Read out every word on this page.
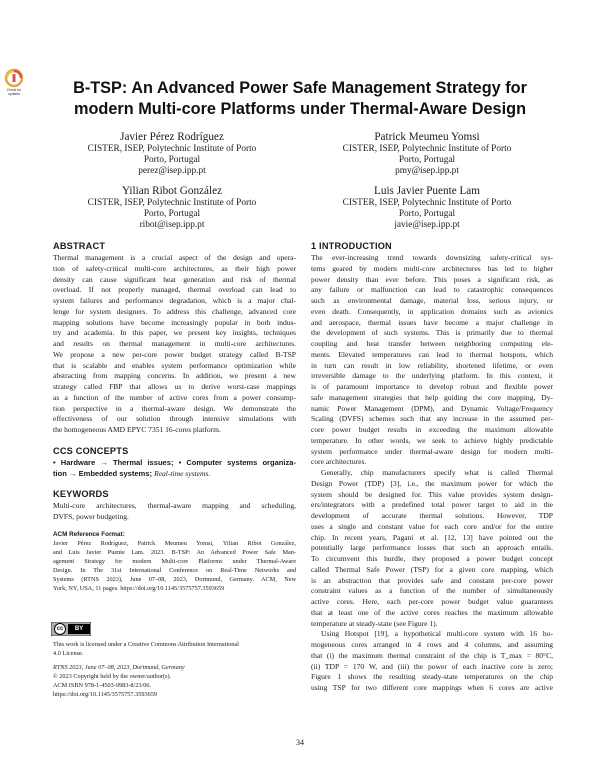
Check for
updates	B-TSP: An Advanced Power Safe Management Strategy for
modern Multi-core Platforms under Thermal-Aware Design
Javier Pérez Rodríguez
CISTER, ISEP, Polytechnic Institute of Porto
Porto, Portugal
perez@isep.ipp.pt
Patrick Meumeu Yomsi
CISTER, ISEP, Polytechnic Institute of Porto
Porto, Portugal
pmy@isep.ipp.pt
Yilian Ribot González
CISTER, ISEP, Polytechnic Institute of Porto
Porto, Portugal
ribot@isep.ipp.pt
Luis Javier Puente Lam
CISTER, ISEP, Polytechnic Institute of Porto
Porto, Portugal
javie@isep.ipp.pt
ABSTRACT
Thermal management is a crucial aspect of the design and opera-
tion of safety-critical multi-core architectures, as their high power
density can cause significant heat generation and risk of thermal
overload. If not properly managed, thermal overload can lead to
system failures and performance degradation, which is a major chal-
lenge for system designers. To address this challenge, advanced core
mapping solutions have become increasingly popular in both indus-
try and academia. In this paper, we present key insights, techniques
and results on thermal management in multi-core architectures.
We propose a new per-core power budget strategy called B-TSP
that is scalable and enables system performance optimization while
abstracting from mapping concerns. In addition, we present a new
strategy called FBP that allows us to derive worst-case mappings
as a function of the number of active cores from a power consump-
tion perspective in a thermal-aware design. We demonstrate the
effectiveness of our solution through intensive simulations with
the homogeneous AMD EPYC 7351 16-cores platform.
CCS CONCEPTS
• Hardware → Thermal issues; • Computer systems organiza-
tion → Embedded systems; Real-time systems.
KEYWORDS
Multi-core architectures, thermal-aware mapping and scheduling,
DVFS, power budgeting.
ACM Reference Format:
Javier Pérez Rodríguez, Patrick Meumeu Yomsi, Yilian Ribot González,
and Luis Javier Puente Lam. 2023. B-TSP: An Advanced Power Safe Man-
agement Strategy for modern Multi-core Platforms under Thermal-Aware
Design. In The 31st International Conference on Real-Time Networks and
Systems (RTNS 2023), June 07–08, 2023, Dortmund, Germany. ACM, New
York, NY, USA, 11 pages. https://doi.org/10.1145/3575757.3593659
cc	BY
This work is licensed under a Creative Commons Attribution International
4.0 License.
RTNS 2023, June 07–08, 2023, Dortmund, Germany
© 2023 Copyright held by the owner/author(s).
ACM ISBN 978-1-4503-9983-8/23/06.
https://doi.org/10.1145/3575757.3593659
1 INTRODUCTION
The ever-increasing trend towards downsizing safety-critical sys-
tems geared by modern multi-core architectures has led to higher
power density than ever before. This poses a significant risk, as
any failure or malfunction can lead to catastrophic consequences
such as environmental damage, material loss, serious injury, or
even death. Consequently, in application domains such as avionics
and aerospace, thermal issues have become a major challenge in
the development of such systems. This is primarily due to thermal
coupling and heat transfer between neighboring computing ele-
ments. Elevated temperatures can lead to thermal hotspots, which
in turn can result in low reliability, shortened lifetime, or even
irreversible damage to the underlying platform. In this context, it
is of paramount importance to develop robust and flexible power
safe management strategies that help guiding the core mapping, Dy-
namic Power Management (DPM), and Dynamic Voltage/Frequency
Scaling (DVFS) schemes such that any increase in the assumed per-
core power budget results in exceeding the maximum allowable
temperature. In other words, we seek to achieve highly predictable
system performance under thermal-aware design for modern multi-
core architectures.
Generally, chip manufacturers specify what is called Thermal
Design Power (TDP) [3], i.e., the maximum power for which the
system should be designed for. This value provides system design-
ers/integrators with a predefined total power target to aid in the
development of accurate thermal solutions. However, TDP
uses a single and constant value for each core and/or for the entire
chip. In recent years, Pagani et al. [12, 13] have pointed out the
potentially large performance losses that such an approach entails.
To circumvent this hurdle, they proposed a power budget concept
called Thermal Safe Power (TSP) for a given core mapping, which
is an abstraction that provides safe and constant per-core power
constraint values as a function of the number of simultaneously
active cores. Here, each per-core power budget value guarantees
that at least one of the active cores reaches the maximum allowable
temperature at steady-state (see Figure 1).
Using Hotspot [19], a hypothetical multi-core system with 16 ho-
mogeneous cores arranged in 4 rows and 4 columns, and assuming
that (i) the maximum thermal constraint of the chip is T_max = 80°C,
(ii) TDP = 170 W, and (iii) the power of each inactive core is zero;
Figure 1 shows the resulting steady-state temperatures on the chip
using TSP for two different core mappings when 6 cores are active
34
